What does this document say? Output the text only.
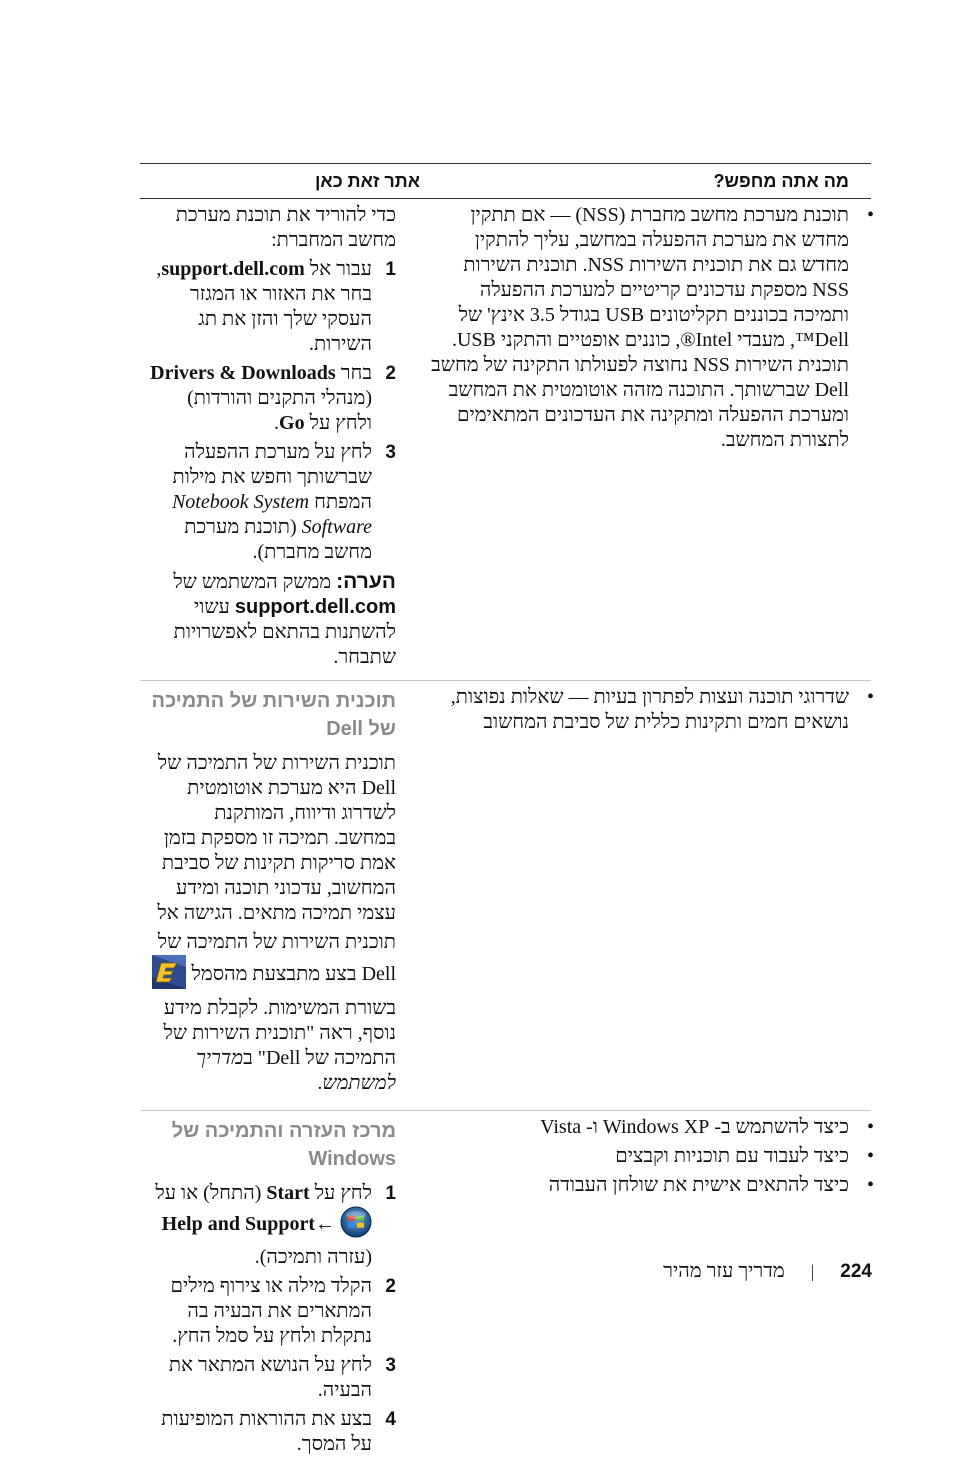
מה אתה מחפש?
אתר זאת כאן
•
תוכנת מערכת מחשב מחברת (NSS) — אם תתקין מחדש את מערכת ההפעלה במחשב, עליך להתקין מחדש גם את תוכנית השירות NSS. תוכנית השירות NSS מספקת עדכונים קריטיים למערכת ההפעלה ותמיכה בכוננים תקליטונים USB בגודל 3.5 אינץ' של Dell™, מעבדי Intel®, כוננים אופטיים והתקני USB. תוכנית השירות NSS נחוצה לפעולתו התקינה של מחשב Dell שברשותך. התוכנה מזהה אוטומטית את המחשב ומערכת ההפעלה ומתקינה את העדכונים המתאימים לתצורת המחשב.

כדי להוריד את תוכנת מערכת מחשב המחברת:

1
עבור אל support.dell.com, בחר את האזור או המגזר העסקי שלך והזן את תג השירות.
2
בחר Drivers & Downloads (מנהלי התקנים והורדות) ולחץ על Go.
3
לחץ על מערכת ההפעלה שברשותך וחפש את מילות המפתח Notebook System Software (תוכנת מערכת מחשב מחברת).
הערה: ממשק המשתמש של support.dell.com עשוי להשתנות בהתאם לאפשרויות שתבחר.
•
שדרוגי תוכנה ועצות לפתרון בעיות — שאלות נפוצות, נושאים חמים ותקינות כללית של סביבת המחשוב
תוכנית השירות של התמיכה של Dell

תוכנית השירות של התמיכה של Dell היא מערכת אוטומטית לשדרוג ודיווח, המותקנת במחשב. תמיכה זו מספקת בזמן אמת סריקות תקינות של סביבת המחשוב, עדכוני תוכנה ומידע עצמי תמיכה מתאים. הגישה אל

תוכנית השירות של התמיכה של Dell בצע מתבצעת מהסמל  בשורת המשימות. לקבלת מידע נוסף, ראה "תוכנית השירות של התמיכה של Dell" במדריך למשתמש.

•
כיצד להשתמש ב- Windows XP ו- Vista
•
כיצד לעבוד עם תוכניות וקבצים
•
כיצד להתאים אישית את שולחן העבודה
מרכז העזרה והתמיכה של Windows
1
לחץ על Start (התחל) או על  ←Help and Support (עזרה ותמיכה).
2
הקלד מילה או צירוף מילים המתארים את הבעיה בה נתקלת ולחץ על סמל החץ.
3
לחץ על הנושא המתאר את הבעיה.
4
בצע את ההוראות המופיעות על המסך.
224
|
מדריך עזר מהיר
